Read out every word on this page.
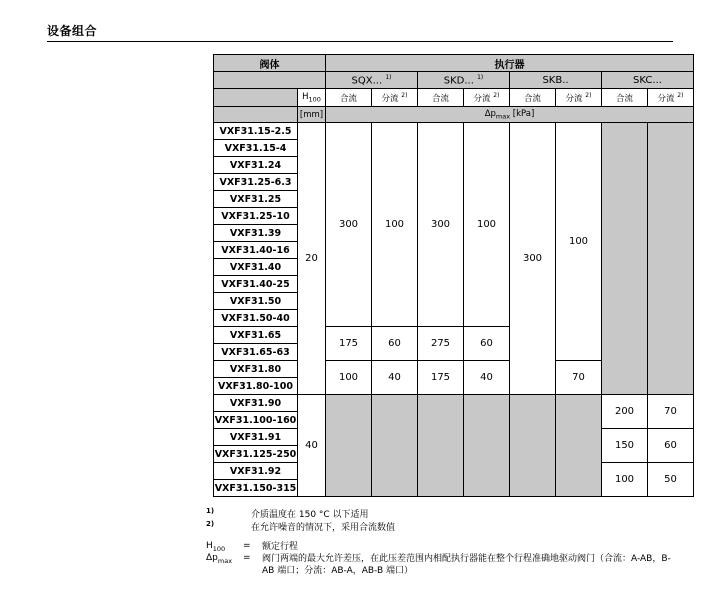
设备组合
阀体		执行器							
		SQX... $^{1)}$		SKD... $^{1)}$		SKB..		SKC...	
	$H_{100}$	合流	分流 $^{2)}$	合流	分流 $^{2)}$	合流	分流 $^{2)}$	合流	分流 $^{2)}$
	[mm]	$\Delta p_{max}$ [kPa]							
VXF31.15-2.5	20	300	100	300	100	300	100		
VXF31.15-4									
VXF31.24									
VXF31.25-6.3									
VXF31.25									
VXF31.25-10									
VXF31.39									
VXF31.40-16									
VXF31.40									
VXF31.40-25									
VXF31.50									
VXF31.50-40									
VXF31.65		175	60	275	60				
VXF31.65-63									
VXF31.80		100	40	175	40		70		
VXF31.80-100									
VXF31.90	40							200	70
VXF31.100-160									
VXF31.91								150	60
VXF31.125-250									
VXF31.92								100	50
VXF31.150-315									
1)	介质温度在 150 °C 以下适用
2)	在允许噪音的情况下，采用合流数值
$H_{100}$ = 额定行程
$\Delta p_{max}$ = 阀门两端的最大允许差压，在此压差范围内相配执行器能在整个行程准确地驱动阀门（合流：A-AB，B-AB 端口；分流：AB-A，AB-B 端口）
